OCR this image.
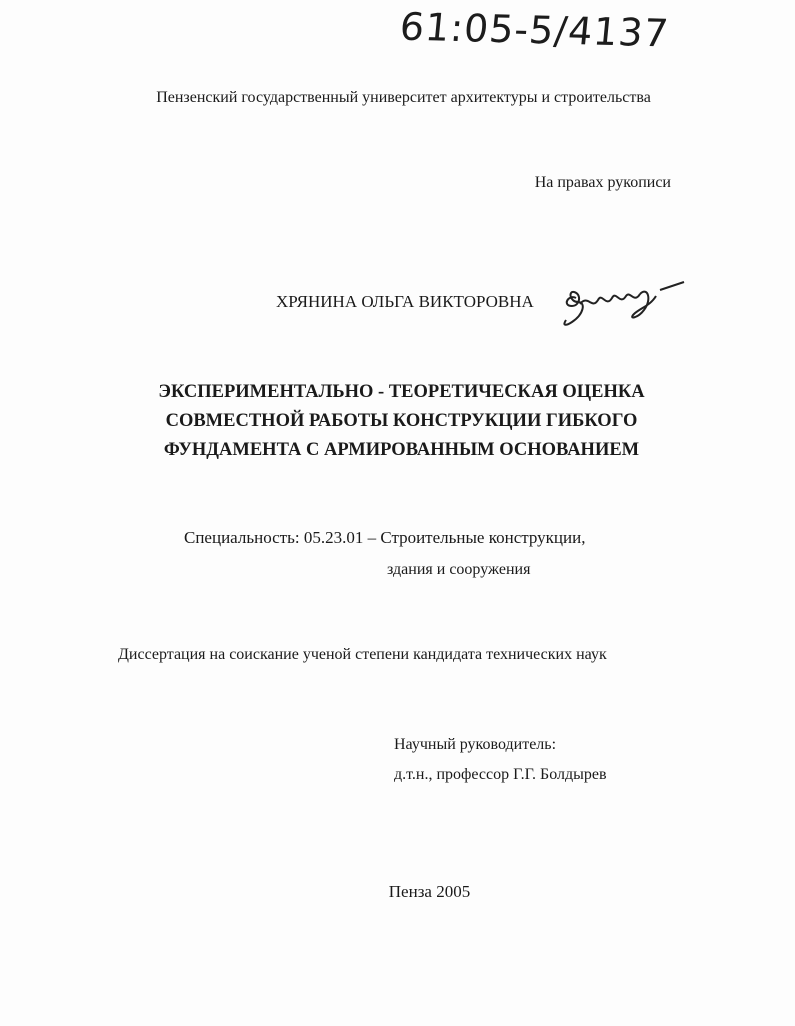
61:05-5/4137
Пензенский государственный университет архитектуры и строительства
На правах рукописи
ХРЯНИНА ОЛЬГА ВИКТОРОВНА
ЭКСПЕРИМЕНТАЛЬНО - ТЕОРЕТИЧЕСКАЯ ОЦЕНКА
СОВМЕСТНОЙ РАБОТЫ КОНСТРУКЦИИ ГИБКОГО
ФУНДАМЕНТА С АРМИРОВАННЫМ ОСНОВАНИЕМ
Специальность: 05.23.01 – Строительные конструкции,
здания и сооружения
Диссертация на соискание ученой степени кандидата технических наук
Научный руководитель:
д.т.н., профессор Г.Г. Болдырев
Пенза 2005
